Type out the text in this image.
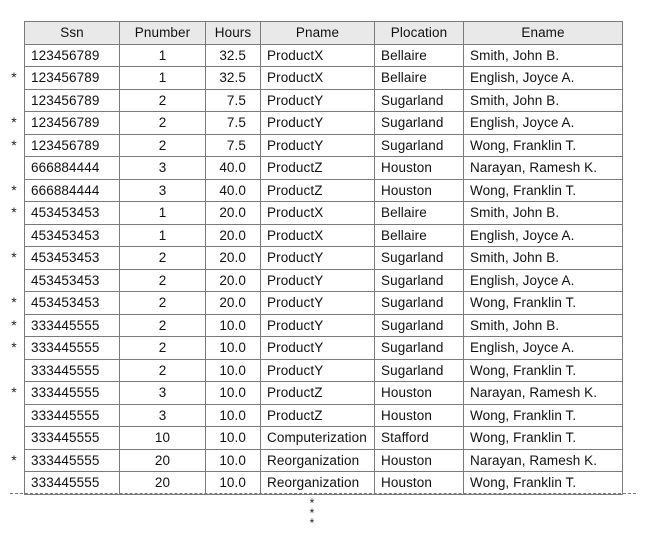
*
*
*
*
*
*
*
*
*
*
*
Ssn	Pnumber	Hours	Pname	Plocation	Ename
123456789	1	32.5	ProductX	Bellaire	Smith, John B.
123456789	1	32.5	ProductX	Bellaire	English, Joyce A.
123456789	2	7.5	ProductY	Sugarland	Smith, John B.
123456789	2	7.5	ProductY	Sugarland	English, Joyce A.
123456789	2	7.5	ProductY	Sugarland	Wong, Franklin T.
666884444	3	40.0	ProductZ	Houston	Narayan, Ramesh K.
666884444	3	40.0	ProductZ	Houston	Wong, Franklin T.
453453453	1	20.0	ProductX	Bellaire	Smith, John B.
453453453	1	20.0	ProductX	Bellaire	English, Joyce A.
453453453	2	20.0	ProductY	Sugarland	Smith, John B.
453453453	2	20.0	ProductY	Sugarland	English, Joyce A.
453453453	2	20.0	ProductY	Sugarland	Wong, Franklin T.
333445555	2	10.0	ProductY	Sugarland	Smith, John B.
333445555	2	10.0	ProductY	Sugarland	English, Joyce A.
333445555	2	10.0	ProductY	Sugarland	Wong, Franklin T.
333445555	3	10.0	ProductZ	Houston	Narayan, Ramesh K.
333445555	3	10.0	ProductZ	Houston	Wong, Franklin T.
333445555	10	10.0	Computerization	Stafford	Wong, Franklin T.
333445555	20	10.0	Reorganization	Houston	Narayan, Ramesh K.
333445555	20	10.0	Reorganization	Houston	Wong, Franklin T.
*
*
*
